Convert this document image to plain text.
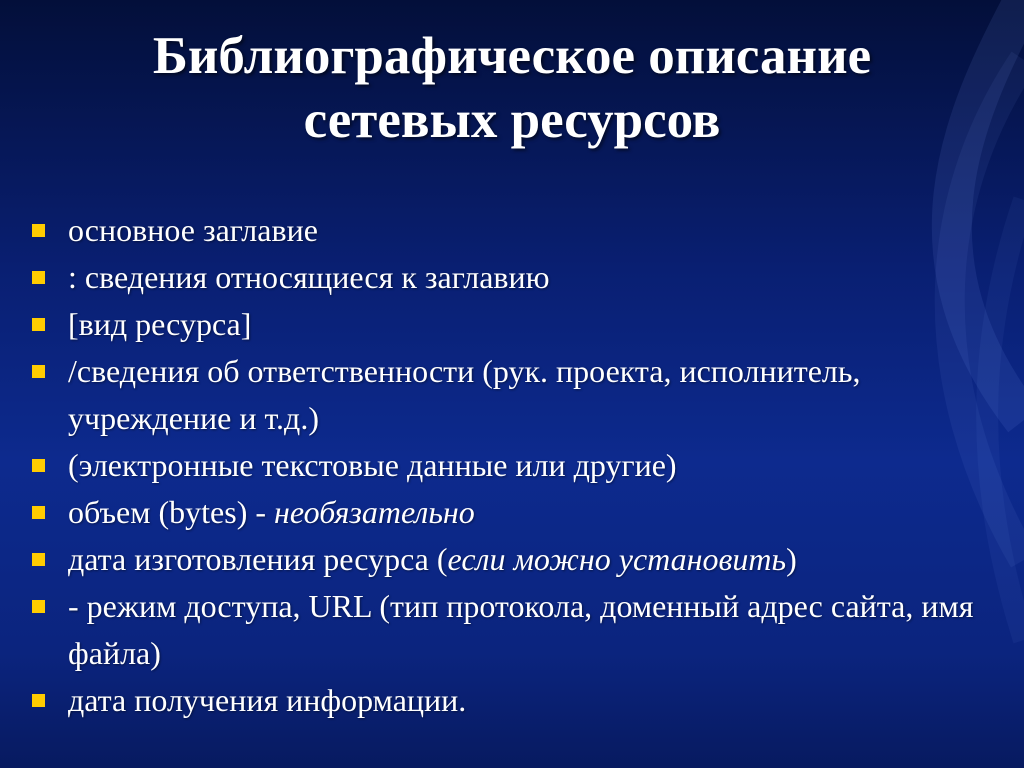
Библиографическое описание
сетевых ресурсов
основное заглавие
: сведения относящиеся к заглавию
[вид ресурса]
/сведения об ответственности (рук. проекта, исполнитель, учреждение и т.д.)
(электронные текстовые данные или другие)
объем (bytes) - необязательно
дата изготовления ресурса (если можно установить)
- режим доступа, URL (тип протокола, доменный адрес сайта, имя файла)
дата получения информации.
